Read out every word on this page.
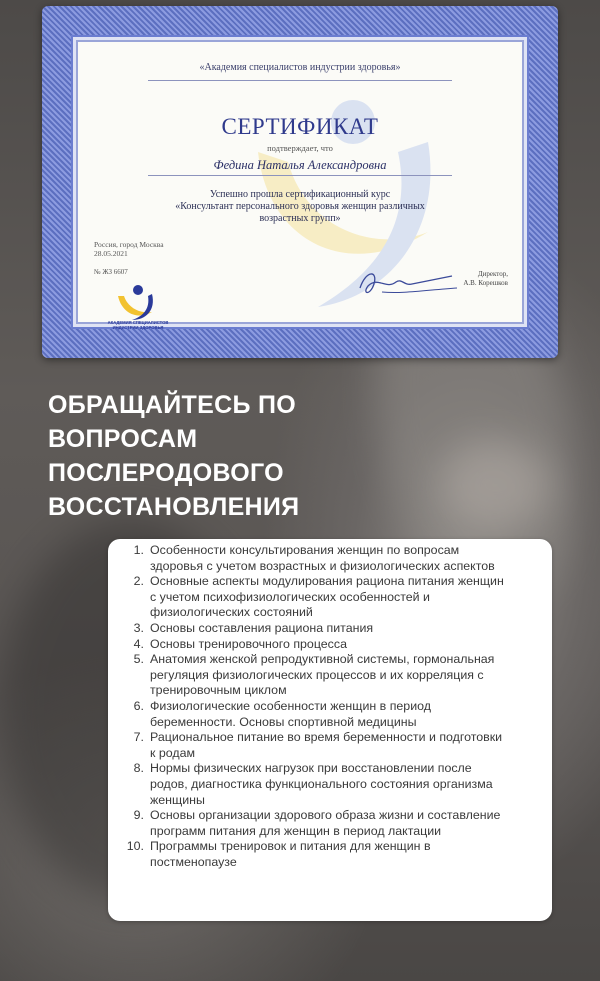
«Академия специалистов индустрии здоровья»
СЕРТИФИКАТ
подтверждает, что
Федина Наталья Александровна
Успешно прошла сертификационный курс
«Консультант персонального здоровья женщин различных
возрастных групп»
Россия, город Москва
28.05.2021
№ ЖЗ 6607	Директор,
А.В. Корешков
АКАДЕМИЯ СПЕЦИАЛИСТОВ
ИНДУСТРИИ ЗДОРОВЬЯ
ОБРАЩАЙТЕСЬ ПО
ВОПРОСАМ
ПОСЛЕРОДОВОГО
ВОССТАНОВЛЕНИЯ
1. Особенности консультирования женщин по вопросам
здоровья с учетом возрастных и физиологических аспектов
2. Основные аспекты модулирования рациона питания женщин
с учетом психофизиологических особенностей и
физиологических состояний
3. Основы составления рациона питания
4. Основы тренировочного процесса
5. Анатомия женской репродуктивной системы, гормональная
регуляция физиологических процессов и их корреляция с
тренировочным циклом
6. Физиологические особенности женщин в период
беременности. Основы спортивной медицины
7. Рациональное питание во время беременности и подготовки
к родам
8. Нормы физических нагрузок при восстановлении после
родов, диагностика функционального состояния организма
женщины
9. Основы организации здорового образа жизни и составление
программ питания для женщин в период лактации
10. Программы тренировок и питания для женщин в
постменопаузе
